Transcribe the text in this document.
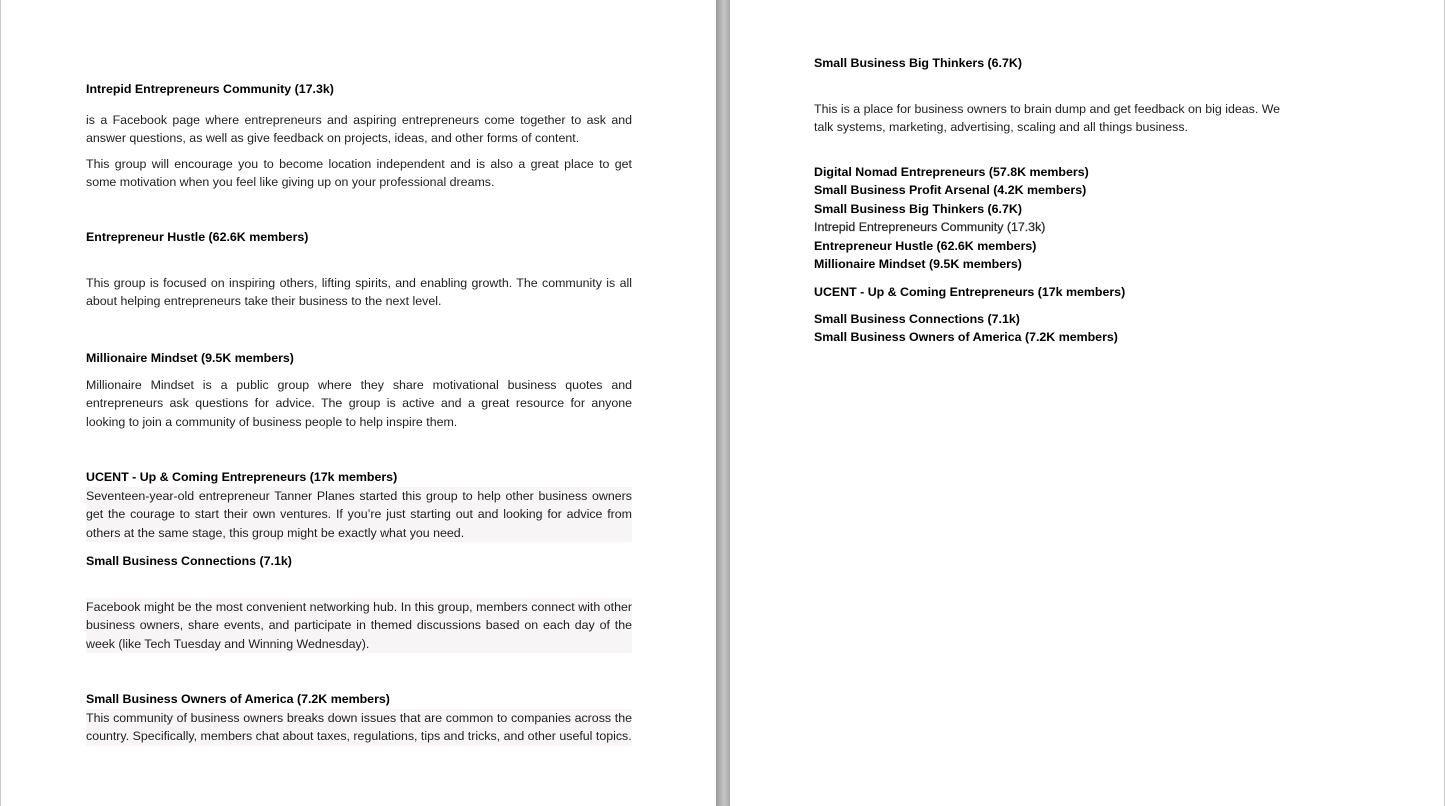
Intrepid Entrepreneurs Community (17.3k)
is a Facebook page where entrepreneurs and aspiring entrepreneurs come together to ask and answer questions, as well as give feedback on projects, ideas, and other forms of content.
This group will encourage you to become location independent and is also a great place to get some motivation when you feel like giving up on your professional dreams.
Entrepreneur Hustle (62.6K members)
This group is focused on inspiring others, lifting spirits, and enabling growth. The community is all about helping entrepreneurs take their business to the next level.
Millionaire Mindset (9.5K members)
Millionaire Mindset is a public group where they share motivational business quotes and entrepreneurs ask questions for advice. The group is active and a great resource for anyone looking to join a community of business people to help inspire them.
UCENT - Up & Coming Entrepreneurs (17k members)
Seventeen-year-old entrepreneur Tanner Planes started this group to help other business owners get the courage to start their own ventures. If you’re just starting out and looking for advice from others at the same stage, this group might be exactly what you need.
Small Business Connections (7.1k)
Facebook might be the most convenient networking hub. In this group, members connect with other business owners, share events, and participate in themed discussions based on each day of the week (like Tech Tuesday and Winning Wednesday).
Small Business Owners of America (7.2K members)
This community of business owners breaks down issues that are common to companies across the country. Specifically, members chat about taxes, regulations, tips and tricks, and other useful topics.
Small Business Big Thinkers (6.7K)
This is a place for business owners to brain dump and get feedback on big ideas. We talk systems, marketing, advertising, scaling and all things business.
Digital Nomad Entrepreneurs (57.8K members)
Small Business Profit Arsenal (4.2K members)
Small Business Big Thinkers (6.7K)
Intrepid Entrepreneurs Community (17.3k)
Entrepreneur Hustle (62.6K members)
Millionaire Mindset (9.5K members)
UCENT - Up & Coming Entrepreneurs (17k members)
Small Business Connections (7.1k)
Small Business Owners of America (7.2K members)
